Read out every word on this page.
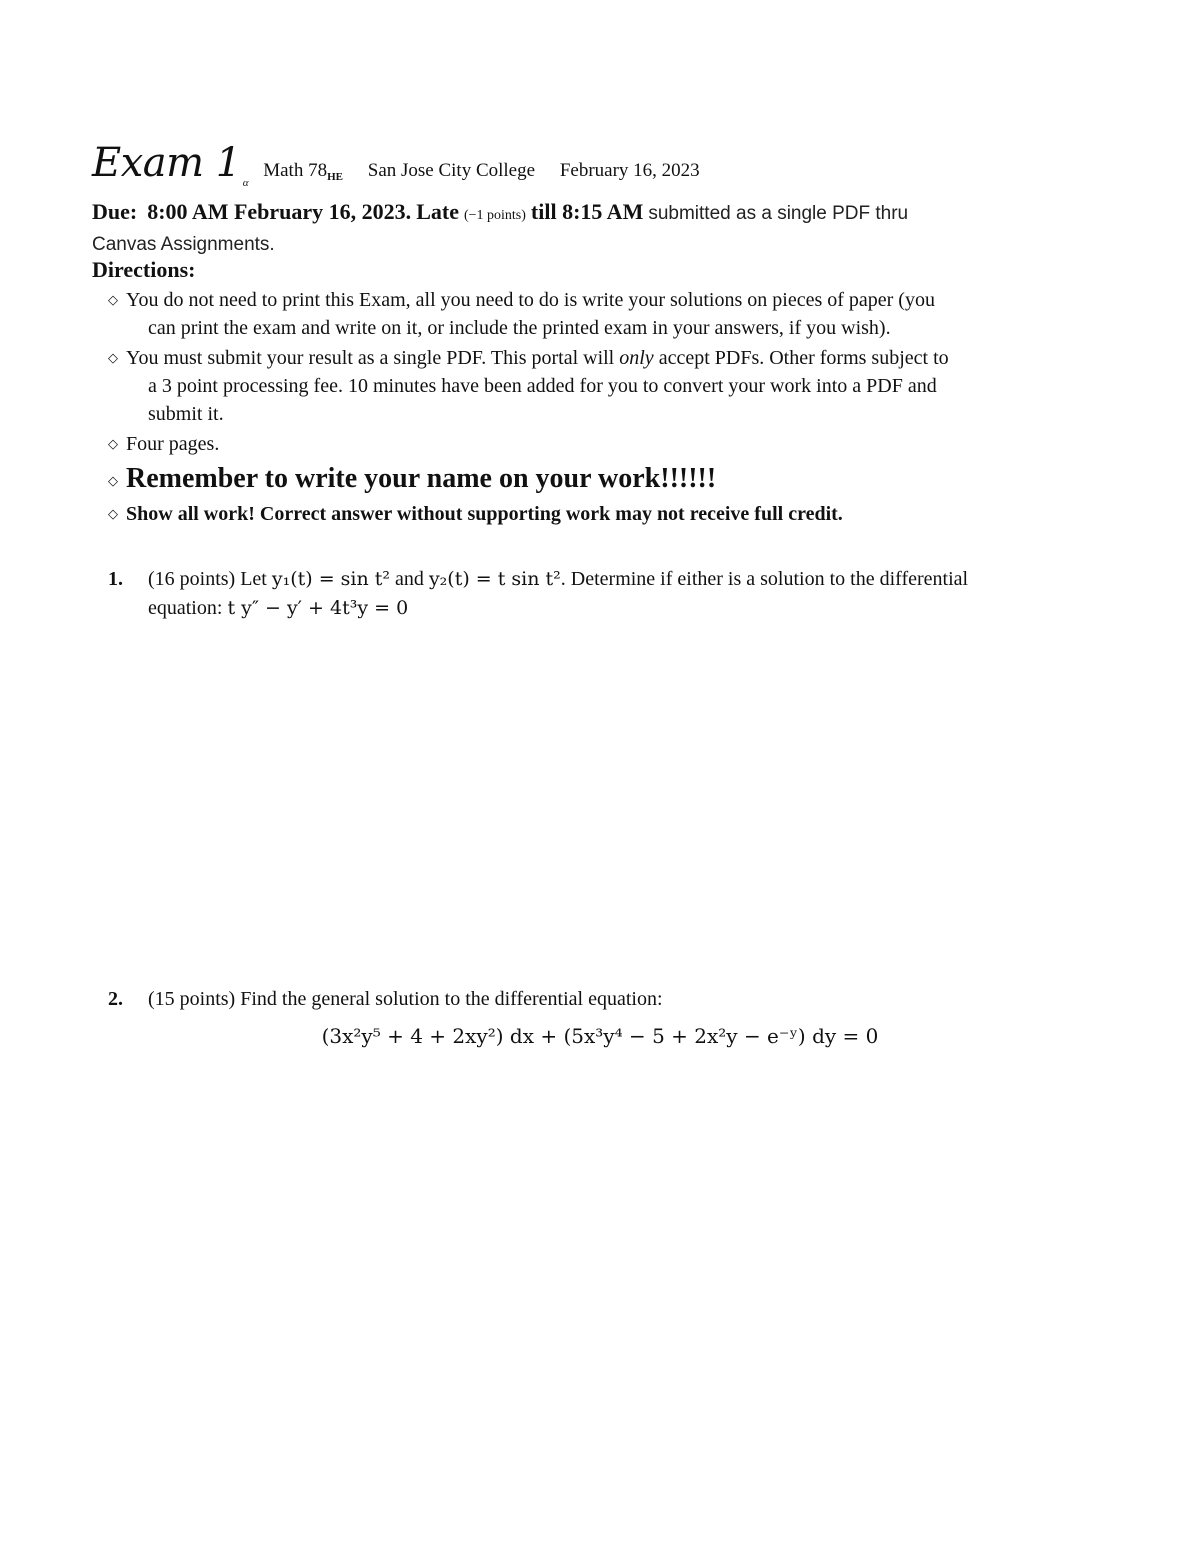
Exam 1 $_\alpha$ Math $78_{HE}$ San Jose City College February 16, 2023
Due: 8:00 AM February 16, 2023. Late (−1 points) till 8:15 AM submitted as a single PDF thru
Canvas Assignments.
Directions:
◇ You do not need to print this Exam, all you need to do is write your solutions on pieces of paper (you
can print the exam and write on it, or include the printed exam in your answers, if you wish).
◇ You must submit your result as a single PDF. This portal will only accept PDFs. Other forms subject to
a 3 point processing fee. 10 minutes have been added for you to convert your work into a PDF and
submit it.
◇ Four pages.
◇ Remember to write your name on your work!!!!!!
◇ Show all work! Correct answer without supporting work may not receive full credit.
1. (16 points) Let y₁(t) = sin t² and y₂(t) = t sin t². Determine if either is a solution to the differential
equation: t y″ − y′ + 4t³y = 0
2. (15 points) Find the general solution to the differential equation:
(3x²y⁵ + 4 + 2xy²) dx + (5x³y⁴ − 5 + 2x²y − e⁻ʸ) dy = 0
